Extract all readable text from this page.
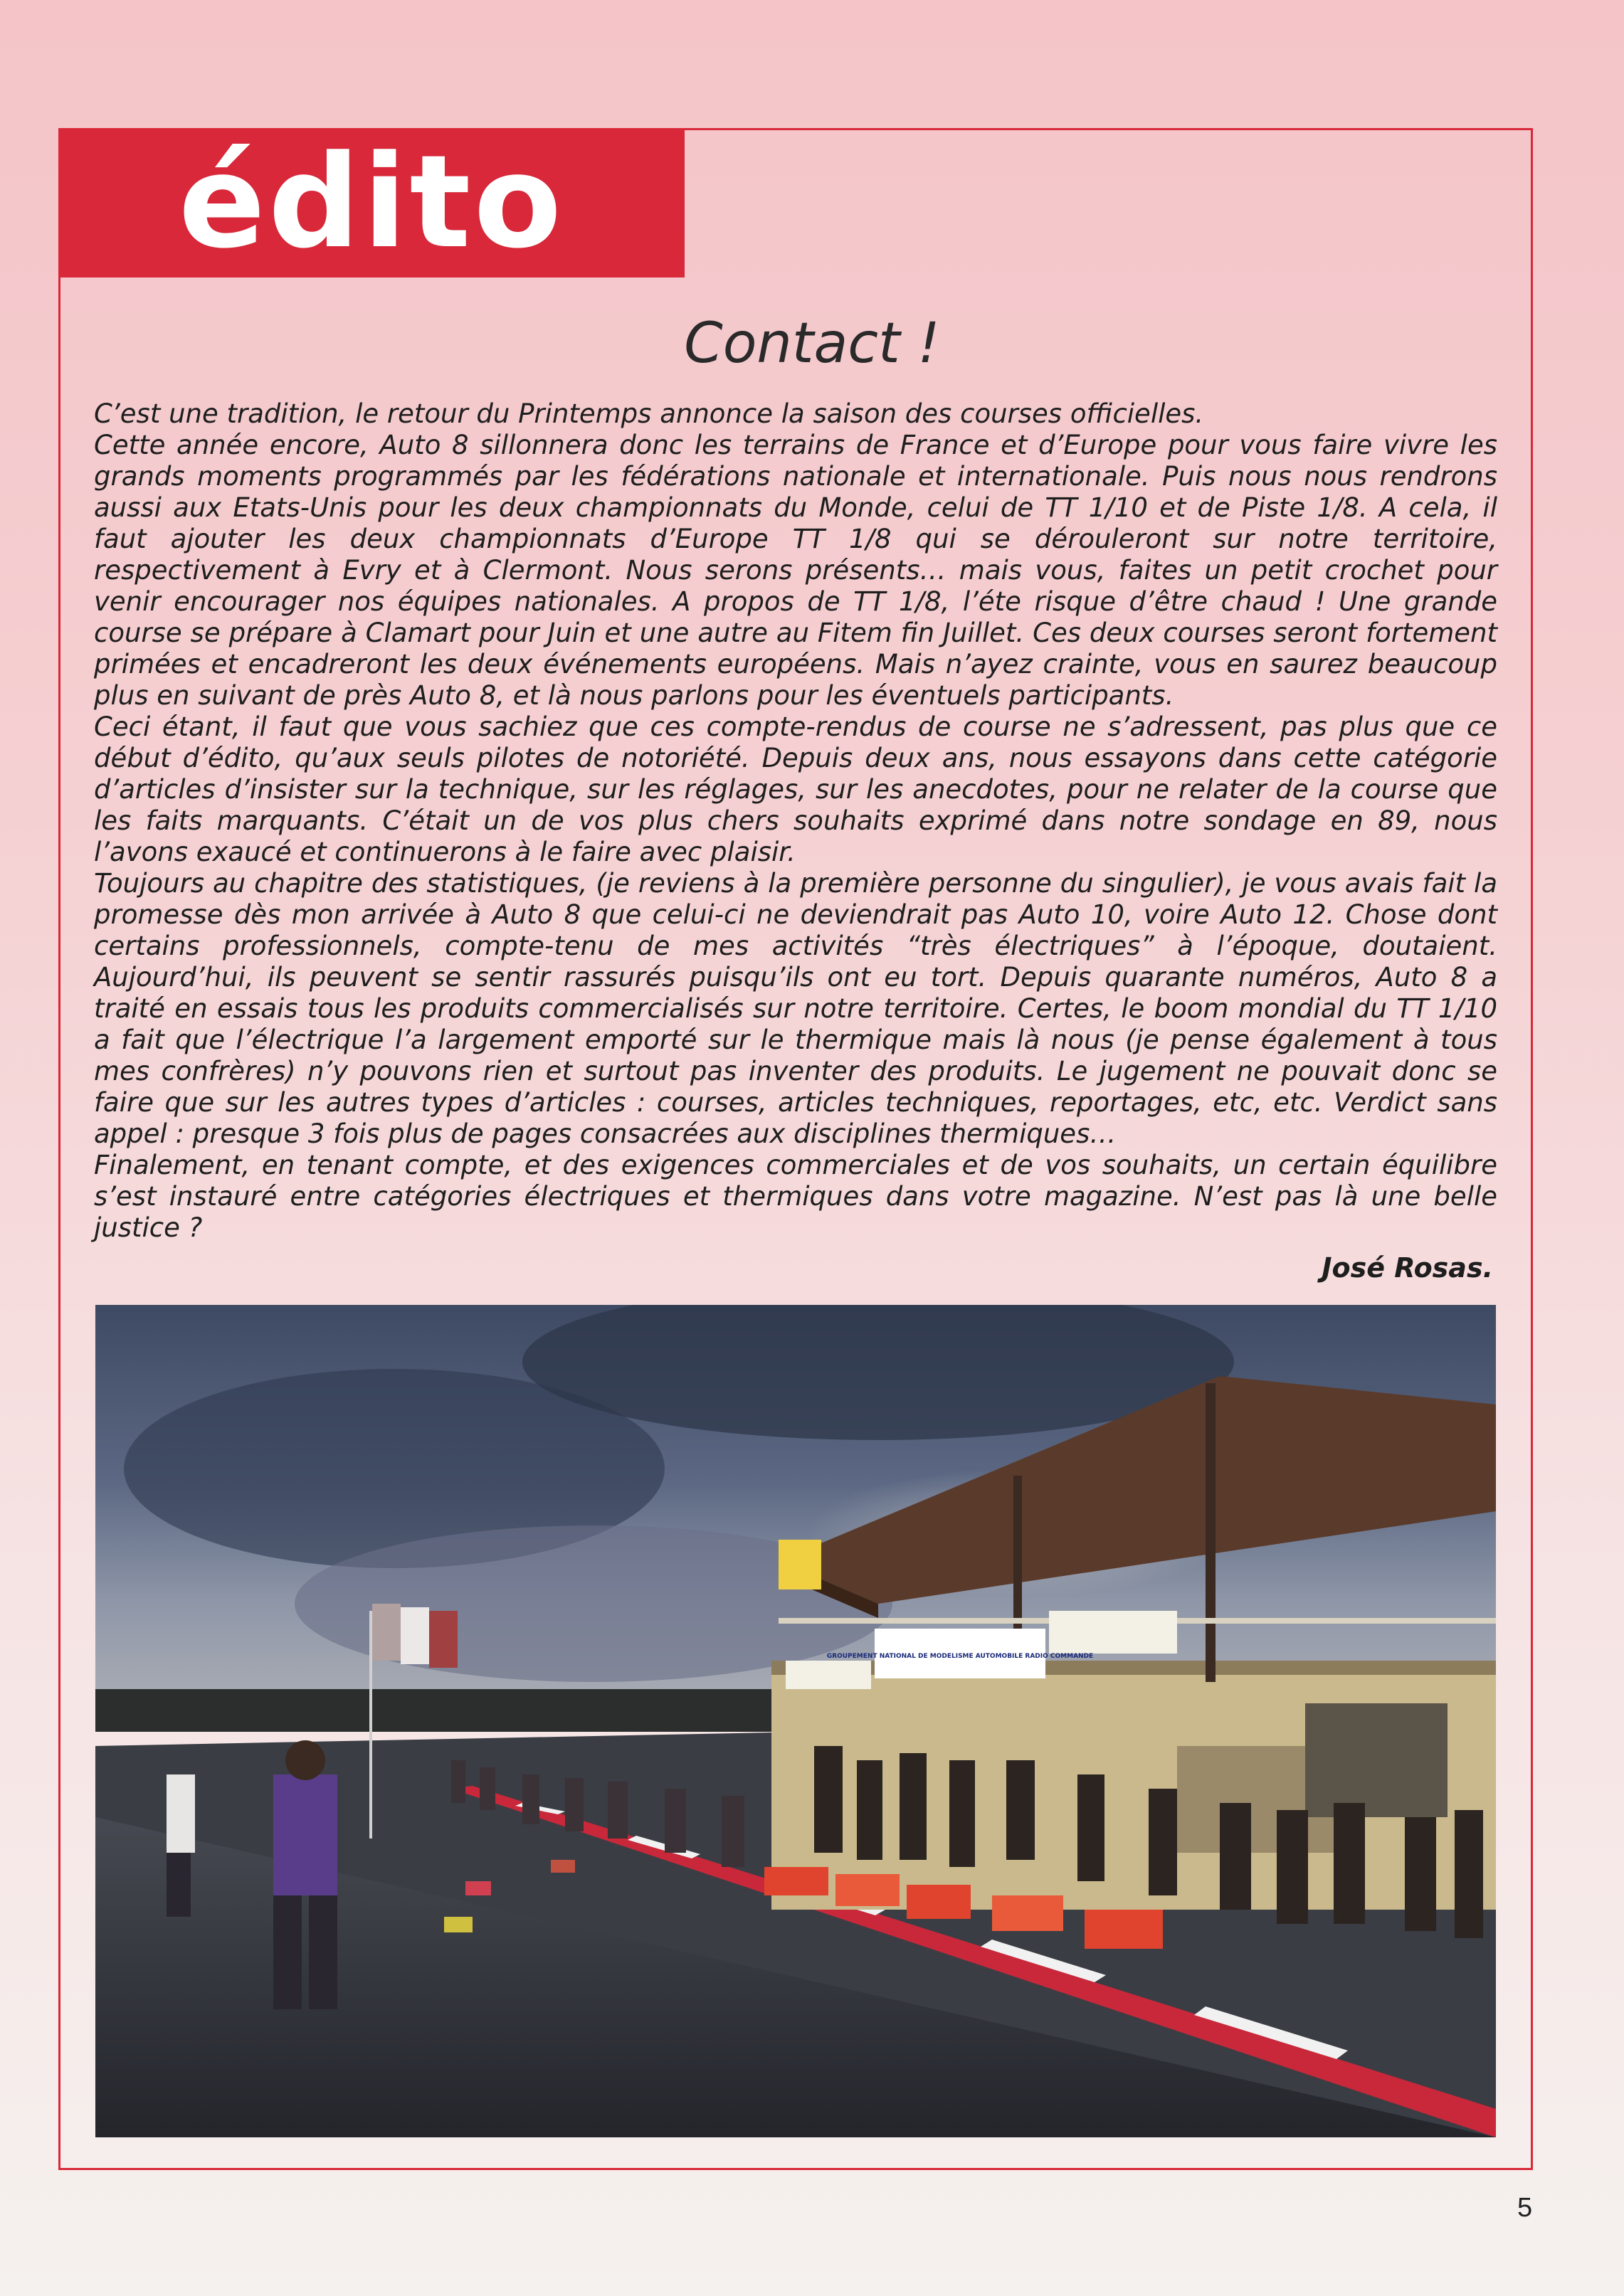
édito
Contact !

C’est une tradition, le retour du Printemps annonce la saison des courses officielles.

Cette année encore, Auto 8 sillonnera donc les terrains de France et d’Europe pour vous faire vivre les grands moments programmés par les fédérations nationale et internationale. Puis nous nous rendrons aussi aux Etats-Unis pour les deux championnats du Monde, celui de TT 1/10 et de Piste 1/8. A cela, il faut ajouter les deux championnats d’Europe TT 1/8 qui se dérouleront sur notre territoire, respectivement à Evry et à Clermont. Nous serons présents… mais vous, faites un petit crochet pour venir encourager nos équipes nationales. A propos de TT 1/8, l’éte risque d’être chaud ! Une grande course se prépare à Clamart pour Juin et une autre au Fitem fin Juillet. Ces deux courses seront fortement primées et encadreront les deux événements européens. Mais n’ayez crainte, vous en saurez beaucoup plus en suivant de près Auto 8, et là nous parlons pour les éventuels participants.

Ceci étant, il faut que vous sachiez que ces compte-rendus de course ne s’adressent, pas plus que ce début d’édito, qu’aux seuls pilotes de notoriété. Depuis deux ans, nous essayons dans cette catégorie d’articles d’insister sur la technique, sur les réglages, sur les anecdotes, pour ne relater de la course que les faits marquants. C’était un de vos plus chers souhaits exprimé dans notre sondage en 89, nous l’avons exaucé et continuerons à le faire avec plaisir.

Toujours au chapitre des statistiques, (je reviens à la première personne du singulier), je vous avais fait la promesse dès mon arrivée à Auto 8 que celui-ci ne deviendrait pas Auto 10, voire Auto 12. Chose dont certains professionnels, compte-tenu de mes activités “très électriques” à l’époque, doutaient. Aujourd’hui, ils peuvent se sentir rassurés puisqu’ils ont eu tort. Depuis quarante numéros, Auto 8 a traité en essais tous les produits commercialisés sur notre territoire. Certes, le boom mondial du TT 1/10 a fait que l’électrique l’a largement emporté sur le thermique mais là nous (je pense également à tous mes confrères) n’y pouvons rien et surtout pas inventer des produits. Le jugement ne pouvait donc se faire que sur les autres types d’articles : courses, articles techniques, reportages, etc, etc. Verdict sans appel : presque 3 fois plus de pages consacrées aux disciplines thermiques…

Finalement, en tenant compte, et des exigences commerciales et de vos souhaits, un certain équilibre s’est instauré entre catégories électriques et thermiques dans votre magazine. N’est pas là une belle justice ?

José Rosas.
GROUPEMENT NATIONAL DE MODELISME AUTOMOBILE RADIO COMMANDE
5
